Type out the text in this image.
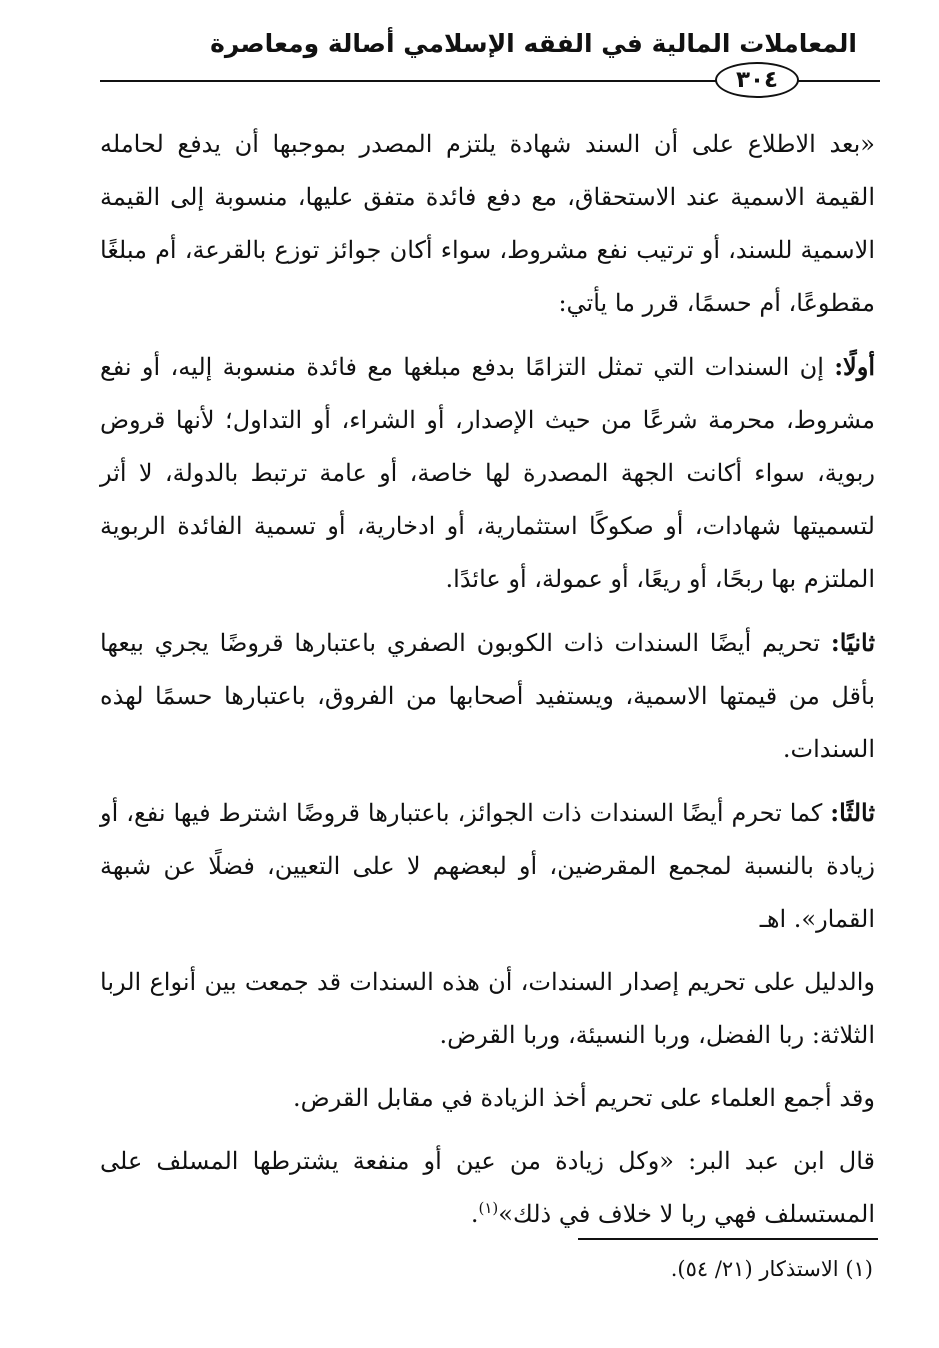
المعاملات المالية في الفقه الإسلامي أصالة ومعاصرة
٣٠٤

«بعد الاطلاع على أن السند شهادة يلتزم المصدر بموجبها أن يدفع لحامله القيمة الاسمية عند الاستحقاق، مع دفع فائدة متفق عليها، منسوبة إلى القيمة الاسمية للسند، أو ترتيب نفع مشروط، سواء أكان جوائز توزع بالقرعة، أم مبلغًا مقطوعًا، أم حسمًا، قرر ما يأتي:

أولًا: إن السندات التي تمثل التزامًا بدفع مبلغها مع فائدة منسوبة إليه، أو نفع مشروط، محرمة شرعًا من حيث الإصدار، أو الشراء، أو التداول؛ لأنها قروض ربوية، سواء أكانت الجهة المصدرة لها خاصة، أو عامة ترتبط بالدولة، لا أثر لتسميتها شهادات، أو صكوكًا استثمارية، أو ادخارية، أو تسمية الفائدة الربوية الملتزم بها ربحًا، أو ريعًا، أو عمولة، أو عائدًا.

ثانيًا: تحريم أيضًا السندات ذات الكوبون الصفري باعتبارها قروضًا يجري بيعها بأقل من قيمتها الاسمية، ويستفيد أصحابها من الفروق، باعتبارها حسمًا لهذه السندات.

ثالثًا: كما تحرم أيضًا السندات ذات الجوائز، باعتبارها قروضًا اشترط فيها نفع، أو زيادة بالنسبة لمجمع المقرضين، أو لبعضهم لا على التعيين، فضلًا عن شبهة القمار». اهـ

والدليل على تحريم إصدار السندات، أن هذه السندات قد جمعت بين أنواع الربا الثلاثة: ربا الفضل، وربا النسيئة، وربا القرض.

وقد أجمع العلماء على تحريم أخذ الزيادة في مقابل القرض.

قال ابن عبد البر: «وكل زيادة من عين أو منفعة يشترطها المسلف على المستسلف فهي ربا لا خلاف في ذلك»$^{(١)}$.

(١) الاستذكار (٢١/ ٥٤).
